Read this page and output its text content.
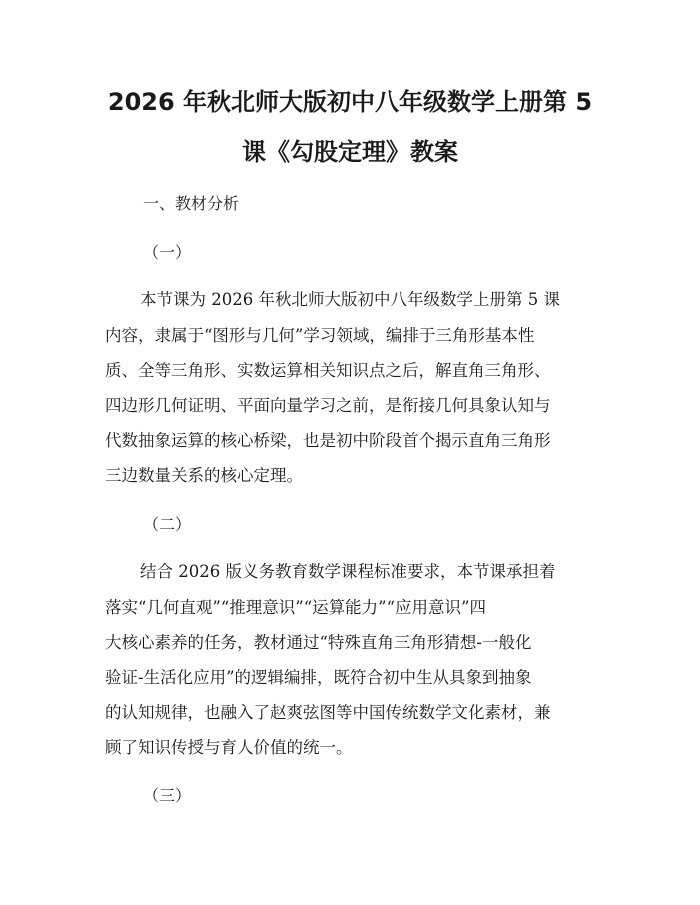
2026 年秋北师大版初中八年级数学上册第 5
课《勾股定理》教案
一、教材分析
（一）
本节课为 2026 年秋北师大版初中八年级数学上册第 5 课
内容，隶属于“图形与几何”学习领域，编排于三角形基本性
质、全等三角形、实数运算相关知识点之后，解直角三角形、
四边形几何证明、平面向量学习之前，是衔接几何具象认知与
代数抽象运算的核心桥梁，也是初中阶段首个揭示直角三角形
三边数量关系的核心定理。
（二）
结合 2026 版义务教育数学课程标准要求，本节课承担着
落实“几何直观”“推理意识”“运算能力”“应用意识”四
大核心素养的任务，教材通过“特殊直角三角形猜想-一般化
验证-生活化应用”的逻辑编排，既符合初中生从具象到抽象
的认知规律，也融入了赵爽弦图等中国传统数学文化素材，兼
顾了知识传授与育人价值的统一。
（三）
